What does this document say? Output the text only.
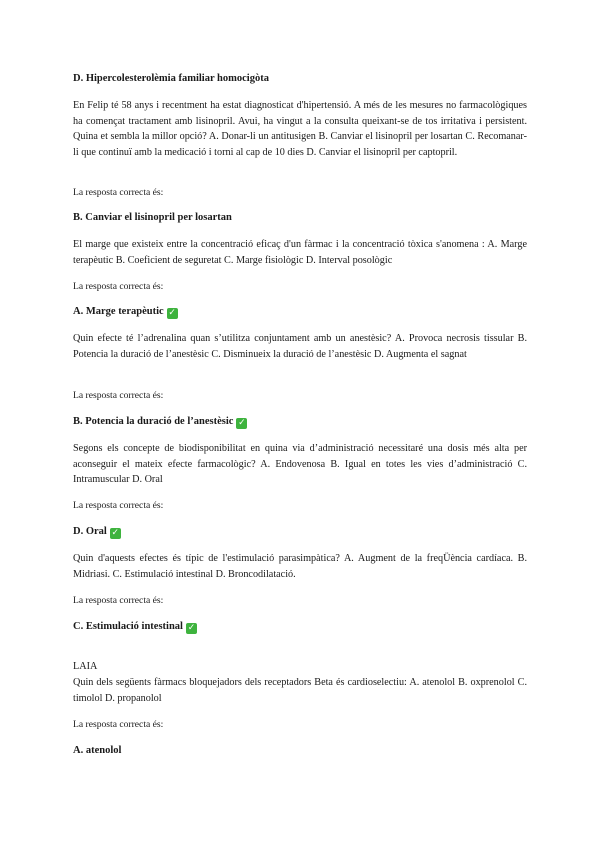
D. Hipercolesterolèmia familiar homocigòta
En Felip té 58 anys i recentment ha estat diagnosticat d'hipertensió. A més de les mesures no farmacològiques ha començat tractament amb lisinopril. Avui, ha vingut a la consulta queixant-se de tos irritativa i persistent. Quina et sembla la millor opció? A. Donar-li un antitusigen B. Canviar el lisinopril per losartan C. Recomanar-li que continuï amb la medicació i torni al cap de 10 dies D. Canviar el lisinopril per captopril.
La resposta correcta és:
B. Canviar el lisinopril per losartan
El marge que existeix entre la concentració eficaç d'un fàrmac i la concentració tòxica s'anomena : A. Marge terapèutic B. Coeficient de seguretat C. Marge fisiològic D. Interval posològic
La resposta correcta és:
A. Marge terapèutic ✓
Quin efecte té l’adrenalina quan s’utilitza conjuntament amb un anestèsic? A. Provoca necrosis tissular B. Potencia la duració de l’anestèsic C. Disminueix la duració de l’anestèsic D. Augmenta el sagnat
La resposta correcta és:
B. Potencia la duració de l’anestèsic ✓
Segons els concepte de biodisponibilitat en quina via d’administració necessitaré una dosis més alta per aconseguir el mateix efecte farmacològic? A. Endovenosa B. Igual en totes les vies d’administració C. Intramuscular D. Oral
La resposta correcta és:
D. Oral ✓
Quin d'aquests efectes és típic de l'estimulació parasimpàtica? A. Augment de la freqÜència cardíaca. B. Midriasi. C. Estimulació intestinal D. Broncodilatació.
La resposta correcta és:
C. Estimulació intestinal ✓
LAIA
Quin dels següents fàrmacs bloquejadors dels receptadors Beta és cardioselectiu: A. atenolol B. oxprenolol C. timolol D. propanolol
La resposta correcta és:
A. atenolol
